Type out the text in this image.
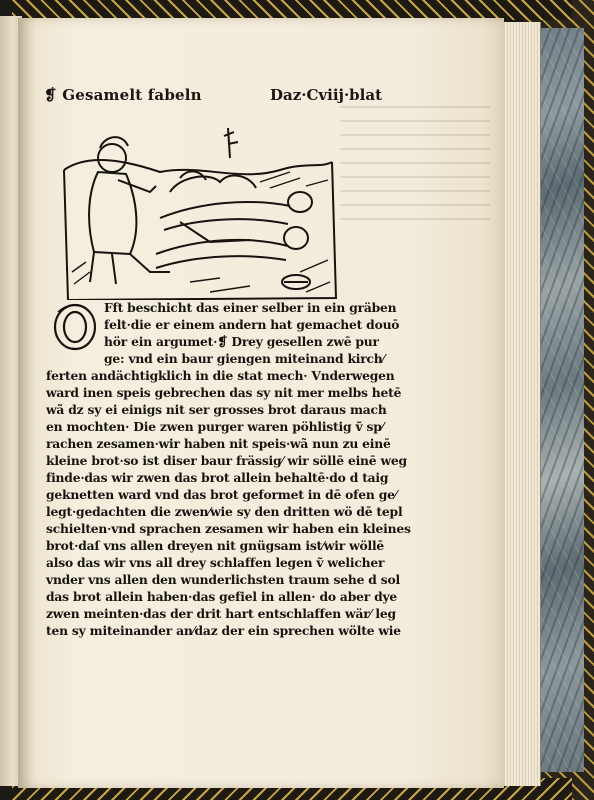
❡ Gesamelt fabeln	Daz·Cviij·blat
Fft beschicht das einer selber in ein gräben
felt·die er einem andern hat gemachet douō
hör ein argumet·❡ Drey gesellen zwē pur
ge: vnd ein baur giengen miteinand kirch⁄
ferten andächtigklich in die stat mech· Vnderwegen
ward inen speis gebrechen das sy nit mer melbs hetē
wã dz sy ei einigs nit ser grosses brot daraus mach
en mochten· Die zwen purger waren pöhlistig ṽ sp⁄
rachen zesamen·wir haben nit speis·wã nun zu einē
kleine brot·so ist diser baur frässig⁄ wir söllē einē weg
finde·das wir zwen das brot allein behaltē·do d taig
geknetten ward vnd das brot geformet in dē ofen ge⁄
legt·gedachten die zwen⁄wie sy den dritten wö dē tepl
schielten·vnd sprachen zesamen wir haben ein kleines
brot·daſ vns allen dreyen nit gnügsam ist⁄wir wöllē
also das wir vns all drey schlaffen legen ṽ welicher
vnder vns allen den wunderlichsten traum sehe d sol
das brot allein haben·das gefiel in allen· do aber dye
zwen meinten·das der drit hart entschlaffen wär⁄ leg
ten sy miteinander an⁄daz der ein sprechen wölte wie
